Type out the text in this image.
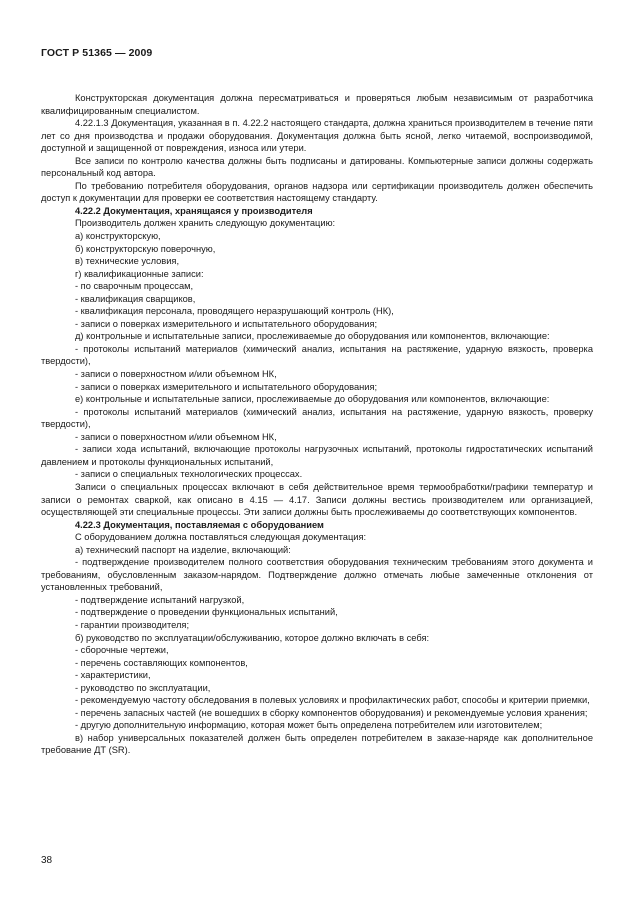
ГОСТ Р 51365 — 2009

Конструкторская документация должна пересматриваться и проверяться любым независимым от разработчика квалифицированным специалистом.

4.22.1.3 Документация, указанная в п. 4.22.2 настоящего стандарта, должна храниться производителем в течение пяти лет со дня производства и продажи оборудования. Документация должна быть ясной, легко читаемой, воспроизводимой, доступной и защищенной от повреждения, износа или утери.

Все записи по контролю качества должны быть подписаны и датированы. Компьютерные записи должны содержать персональный код автора.

По требованию потребителя оборудования, органов надзора или сертификации производитель должен обеспечить доступ к документации для проверки ее соответствия настоящему стандарту.

4.22.2 Документация, хранящаяся у производителя

Производитель должен хранить следующую документацию:

а) конструкторскую,

б) конструкторскую поверочную,

в) технические условия,

г) квалификационные записи:

- по сварочным процессам,

- квалификация сварщиков,

- квалификация персонала, проводящего неразрушающий контроль (НК),

- записи о поверках измерительного и испытательного оборудования;

д) контрольные и испытательные записи, прослеживаемые до оборудования или компонентов, включающие:

- протоколы испытаний материалов (химический анализ, испытания на растяжение, ударную вязкость, проверка твердости),

- записи о поверхностном и/или объемном НК,

- записи о поверках измерительного и испытательного оборудования;

е) контрольные и испытательные записи, прослеживаемые до оборудования или компонентов, включающие:

- протоколы испытаний материалов (химический анализ, испытания на растяжение, ударную вязкость, проверку твердости),

- записи о поверхностном и/или объемном НК,

- записи хода испытаний, включающие протоколы нагрузочных испытаний, протоколы гидростатических испытаний давлением и протоколы функциональных испытаний,

- записи о специальных технологических процессах.

Записи о специальных процессах включают в себя действительное время термообработки/графики температур и записи о ремонтах сваркой, как описано в 4.15 — 4.17. Записи должны вестись производителем или организацией, осуществляющей эти специальные процессы. Эти записи должны быть прослеживаемы до соответствующих компонентов.

4.22.3 Документация, поставляемая с оборудованием

С оборудованием должна поставляться следующая документация:

а) технический паспорт на изделие, включающий:

- подтверждение производителем полного соответствия оборудования техническим требованиям этого документа и требованиям, обусловленным заказом-нарядом. Подтверждение должно отмечать любые замеченные отклонения от установленных требований,

- подтверждение испытаний нагрузкой,

- подтверждение о проведении функциональных испытаний,

- гарантии производителя;

б) руководство по эксплуатации/обслуживанию, которое должно включать в себя:

- сборочные чертежи,

- перечень составляющих компонентов,

- характеристики,

- руководство по эксплуатации,

- рекомендуемую частоту обследования в полевых условиях и профилактических работ, способы и критерии приемки,

- перечень запасных частей (не вошедших в сборку компонентов оборудования) и рекомендуемые условия хранения;

- другую дополнительную информацию, которая может быть определена потребителем или изготовителем;

в) набор универсальных показателей должен быть определен потребителем в заказе-наряде как дополнительное требование ДТ (SR).

38
